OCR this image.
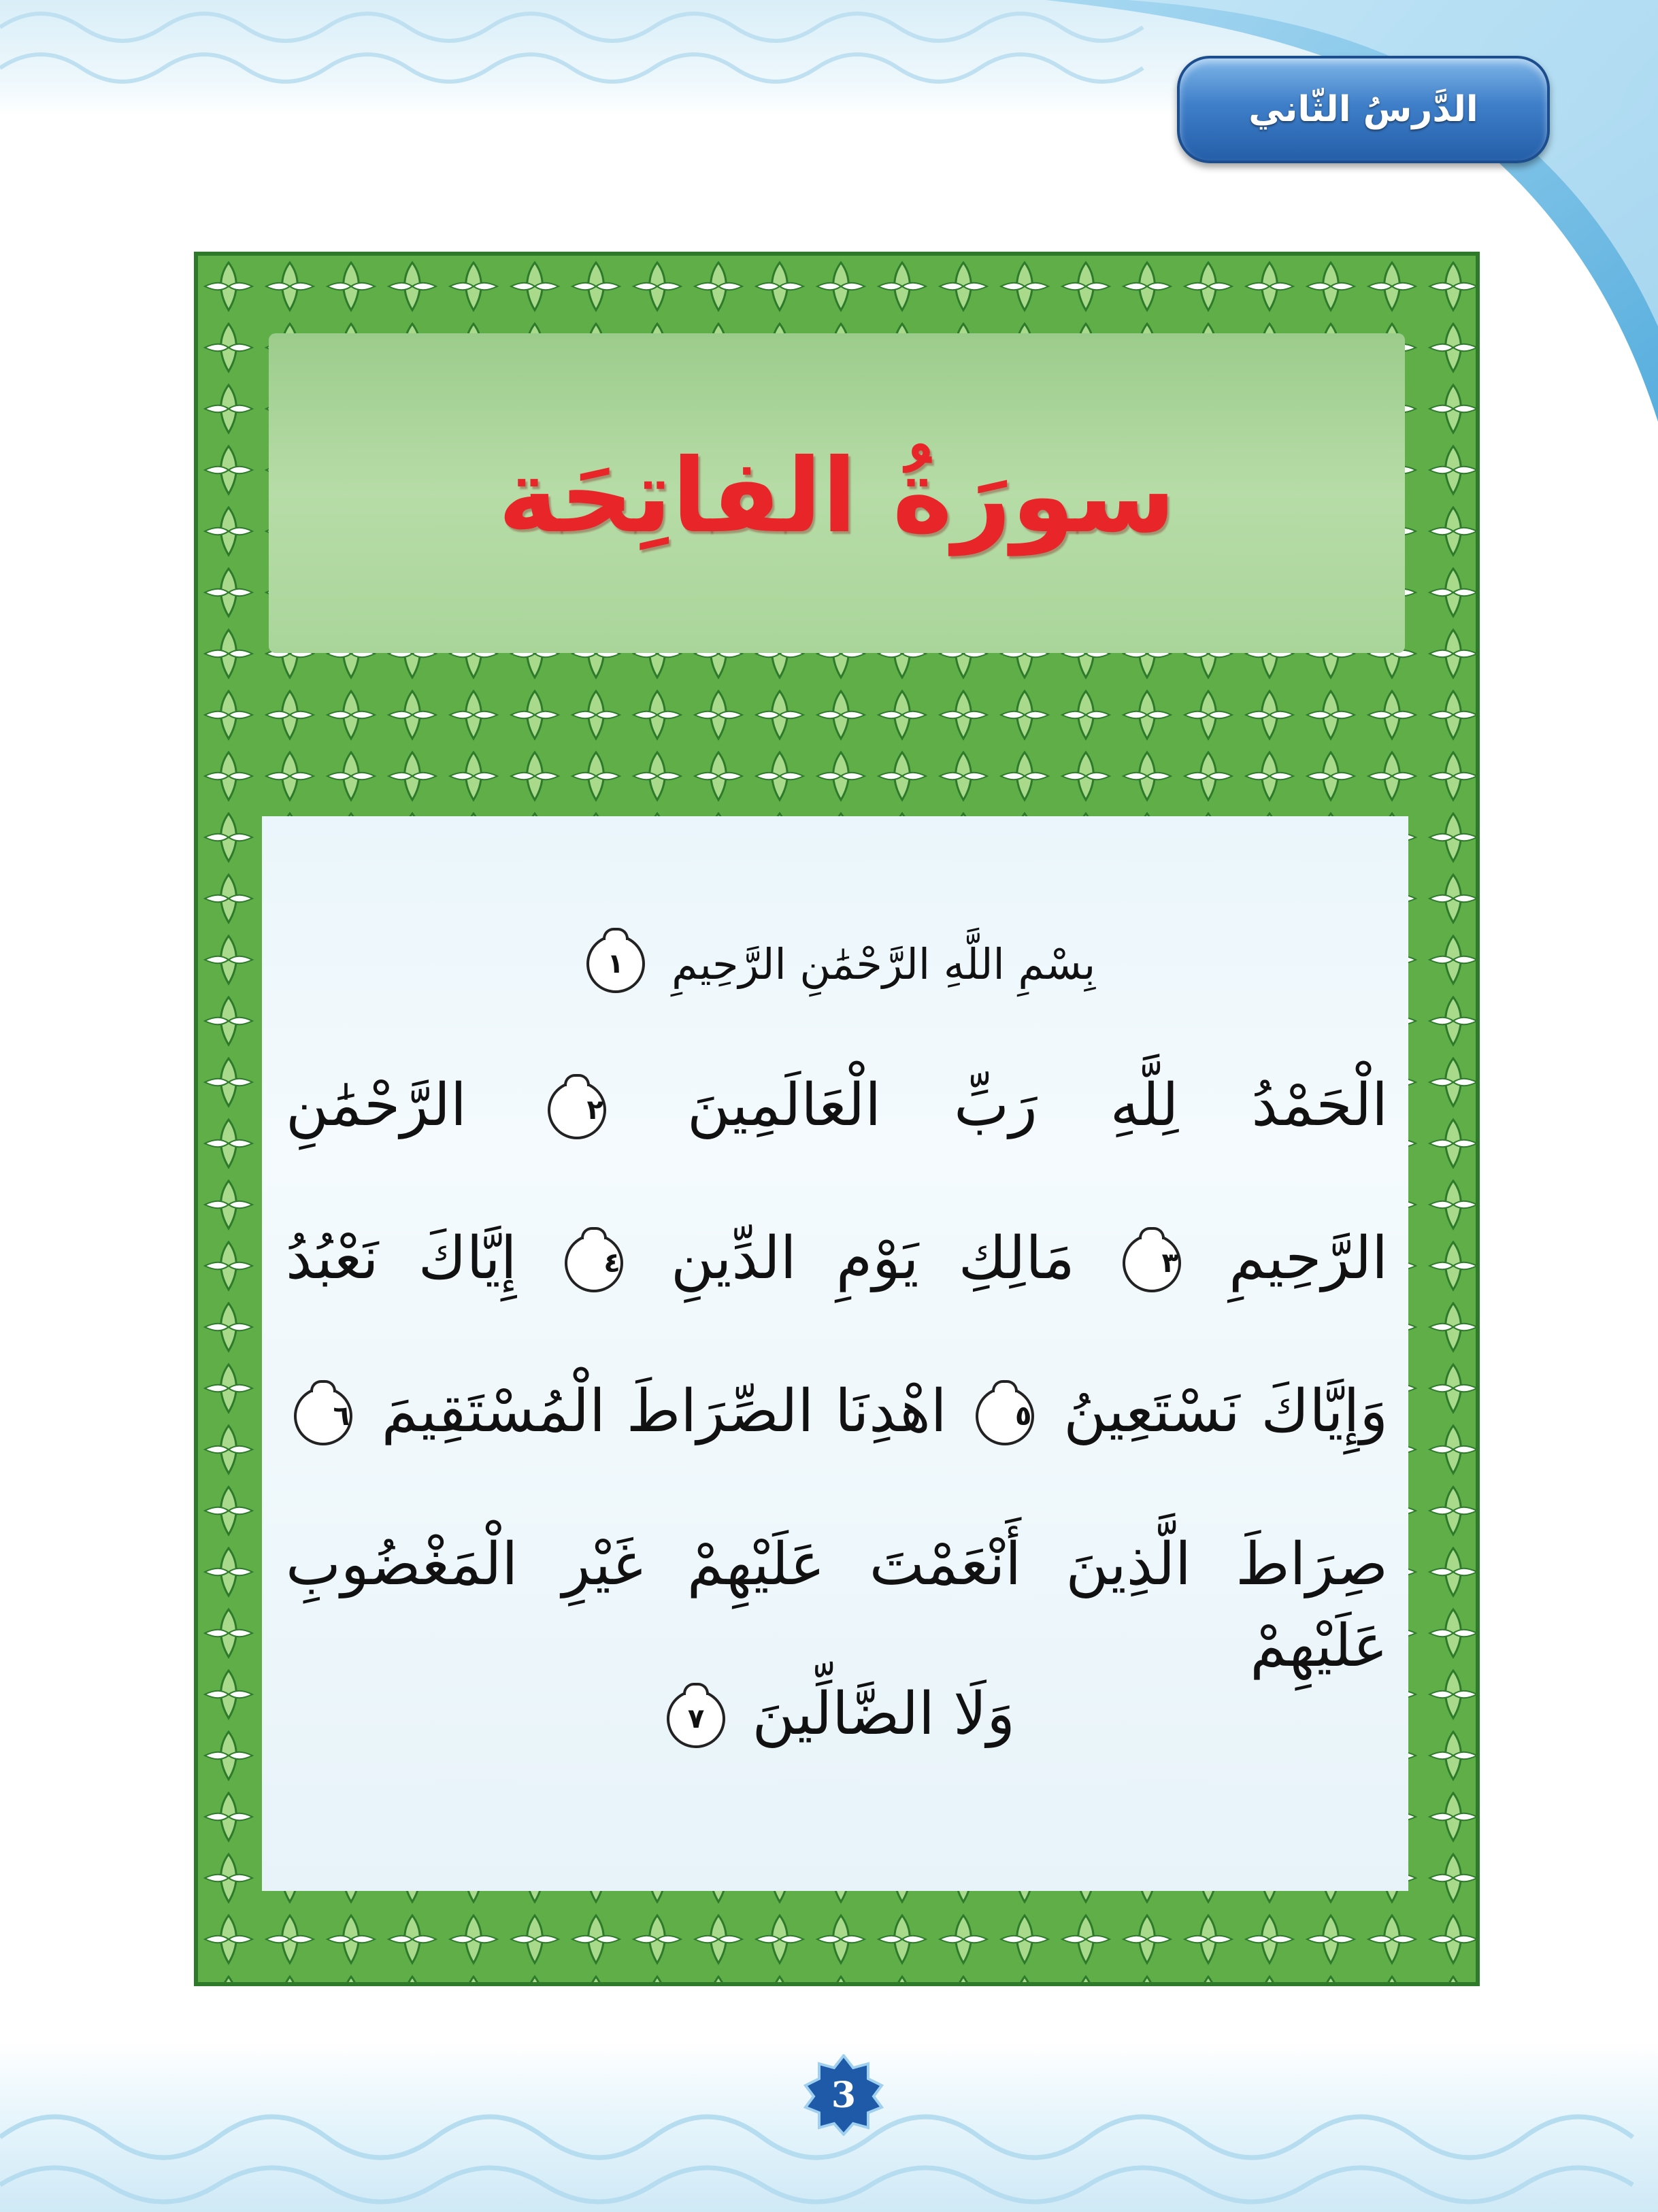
الدَّرسُ الثّاني
سورَةُ الفاتِحَة
بِسْمِ اللَّهِ الرَّحْمَٰنِ الرَّحِيمِ ١
الْحَمْدُ لِلَّهِ رَبِّ الْعَالَمِينَ ٢ الرَّحْمَٰنِ
الرَّحِيمِ ٣ مَالِكِ يَوْمِ الدِّينِ ٤ إِيَّاكَ نَعْبُدُ
وَإِيَّاكَ نَسْتَعِينُ ٥ اهْدِنَا الصِّرَاطَ الْمُسْتَقِيمَ ٦
صِرَاطَ الَّذِينَ أَنْعَمْتَ عَلَيْهِمْ غَيْرِ الْمَغْضُوبِ عَلَيْهِمْ
وَلَا الضَّالِّينَ ٧
3
